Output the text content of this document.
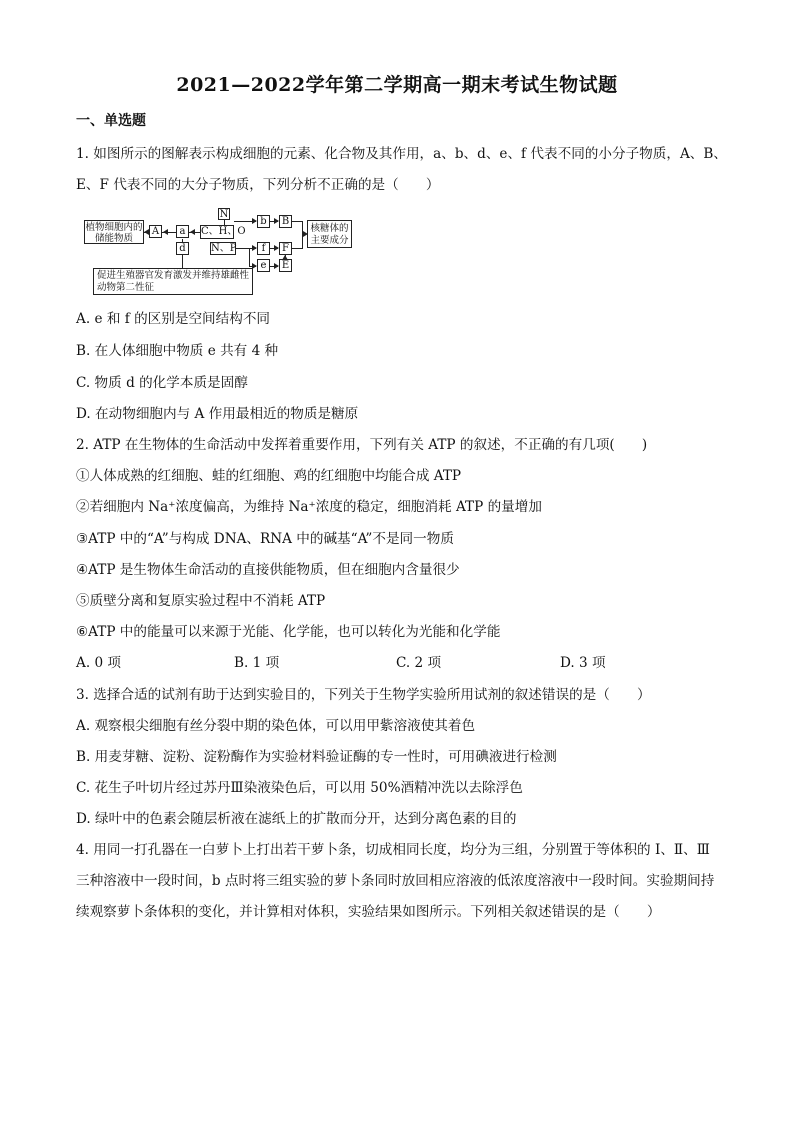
2021—2022学年第二学期高一期末考试生物试题
一、单选题
1. 如图所示的图解表示构成细胞的元素、化合物及其作用，a、b、d、e、f 代表不同的小分子物质，A、B、
E、F 代表不同的大分子物质，下列分析不正确的是（　　）
植物细胞内的储能物质
A	a	C、H、O
N
d	N、P
b	B
f	F
e	E
核糖体的主要成分
促进生殖器官发育激发并维持雄雌性动物第二性征
A. e 和 f 的区别是空间结构不同
B. 在人体细胞中物质 e 共有 4 种
C. 物质 d 的化学本质是固醇
D. 在动物细胞内与 A 作用最相近的物质是糖原
2. ATP 在生物体的生命活动中发挥着重要作用，下列有关 ATP 的叙述，不正确的有几项(　　)
①人体成熟的红细胞、蛙的红细胞、鸡的红细胞中均能合成 ATP
②若细胞内 Na⁺浓度偏高，为维持 Na⁺浓度的稳定，细胞消耗 ATP 的量增加
③ATP 中的“A”与构成 DNA、RNA 中的碱基“A”不是同一物质
④ATP 是生物体生命活动的直接供能物质，但在细胞内含量很少
⑤质壁分离和复原实验过程中不消耗 ATP
⑥ATP 中的能量可以来源于光能、化学能，也可以转化为光能和化学能
A. 0 项	B. 1 项	C. 2 项	D. 3 项
3. 选择合适的试剂有助于达到实验目的，下列关于生物学实验所用试剂的叙述错误的是（　　）
A. 观察根尖细胞有丝分裂中期的染色体，可以用甲紫溶液使其着色
B. 用麦芽糖、淀粉、淀粉酶作为实验材料验证酶的专一性时，可用碘液进行检测
C. 花生子叶切片经过苏丹Ⅲ染液染色后，可以用 50%酒精冲洗以去除浮色
D. 绿叶中的色素会随层析液在滤纸上的扩散而分开，达到分离色素的目的
4. 用同一打孔器在一白萝卜上打出若干萝卜条，切成相同长度，均分为三组，分别置于等体积的 I、Ⅱ、Ⅲ
三种溶液中一段时间，b 点时将三组实验的萝卜条同时放回相应溶液的低浓度溶液中一段时间。实验期间持
续观察萝卜条体积的变化，并计算相对体积，实验结果如图所示。下列相关叙述错误的是（　　）
